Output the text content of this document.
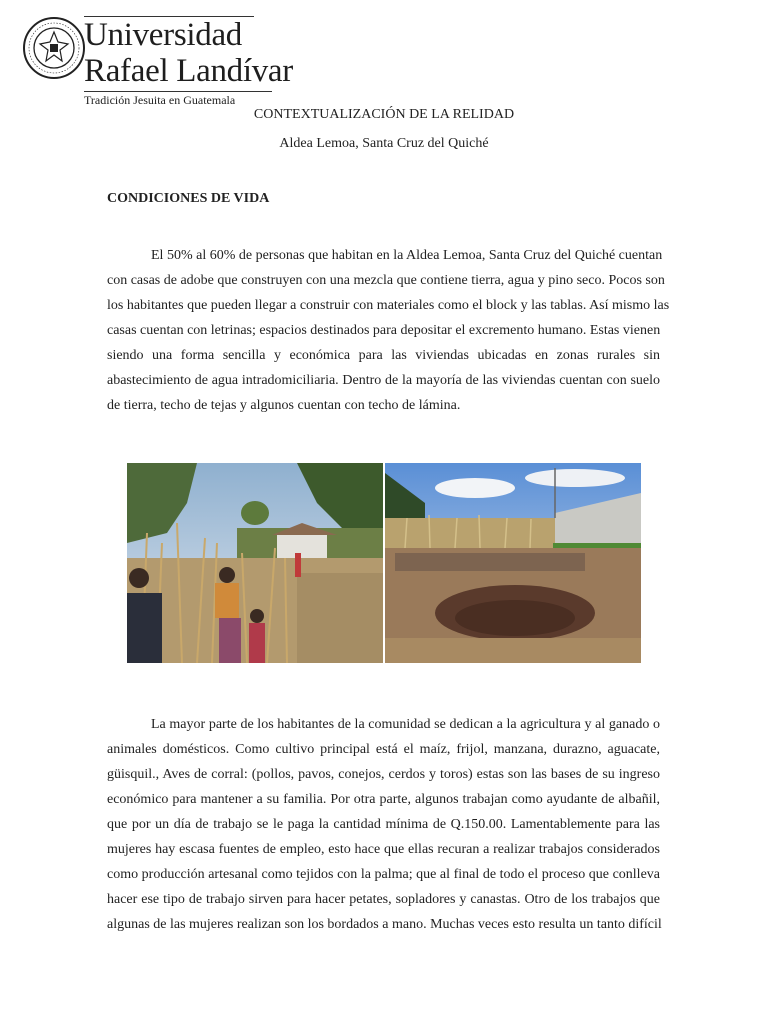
Universidad
Rafael Landívar
Tradición Jesuita en Guatemala
CONTEXTUALIZACIÓN DE LA RELIDAD
Aldea Lemoa, Santa Cruz del Quiché
CONDICIONES DE VIDA
El 50% al 60% de personas que habitan en la Aldea Lemoa, Santa Cruz del Quiché cuentan
con casas de adobe que construyen con una mezcla que contiene tierra, agua y pino seco. Pocos son
los habitantes que pueden llegar a construir con materiales como el block y las tablas. Así mismo las
casas cuentan con letrinas; espacios destinados para depositar el excremento humano. Estas vienen
siendo una forma sencilla y económica para las viviendas ubicadas en zonas rurales sin
abastecimiento de agua intradomiciliaria. Dentro de la mayoría de las viviendas cuentan con suelo
de tierra, techo de tejas y algunos cuentan con techo de lámina.
La mayor parte de los habitantes de la comunidad se dedican a la agricultura y al ganado o
animales domésticos. Como cultivo principal está el maíz, frijol, manzana, durazno, aguacate,
güisquil., Aves de corral: (pollos, pavos, conejos, cerdos y toros) estas son las bases de su ingreso
económico para mantener a su familia. Por otra parte, algunos trabajan como ayudante de albañil,
que por un día de trabajo se le paga la cantidad mínima de Q.150.00. Lamentablemente para las
mujeres hay escasa fuentes de empleo, esto hace que ellas recuran a realizar trabajos considerados
como producción artesanal como tejidos con la palma; que al final de todo el proceso que conlleva
hacer ese tipo de trabajo sirven para hacer petates, sopladores y canastas. Otro de los trabajos que
algunas de las mujeres realizan son los bordados a mano. Muchas veces esto resulta un tanto difícil
